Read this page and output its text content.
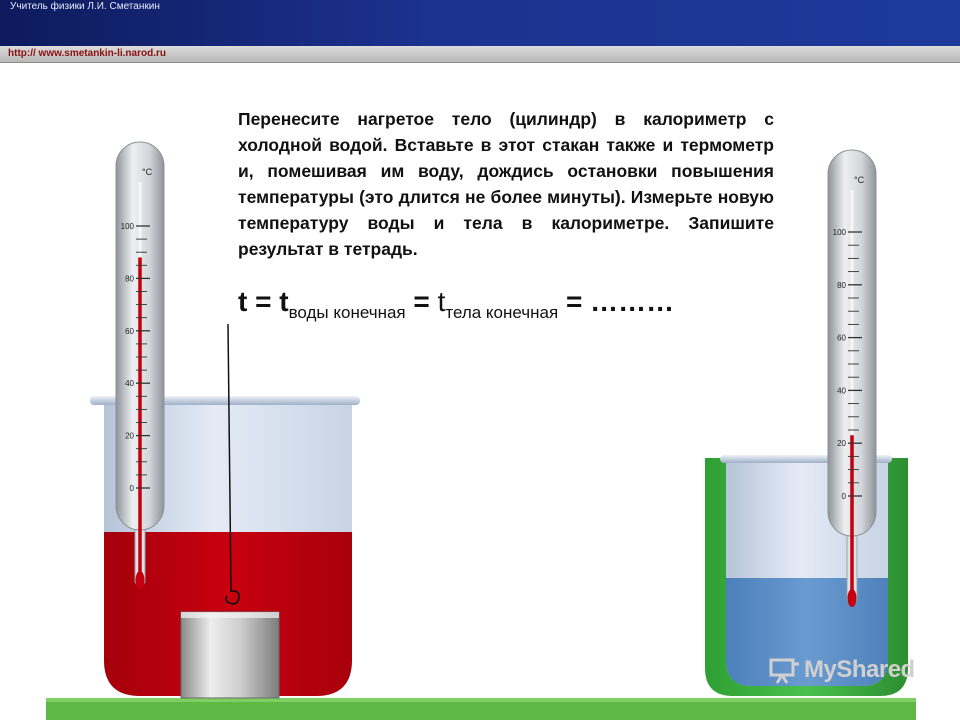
Учитель физики Л.И. Сметанкин
http:// www.smetankin-li.narod.ru
°C
100
80
60
40
20
0
°C
100
80
60
40
20
0

Перенесите нагретое тело (цилиндр) в калориметр с холодной водой. Вставьте в этот стакан также и термометр и, помешивая им воду, дождись остановки повышения температуры (это длится не более минуты). Измерьте новую температуру воды и тела в калориметре. Запишите результат в тетрадь.

$t = t_{воды конечная} = t_{тела конечная}$ = ………
MyShared
